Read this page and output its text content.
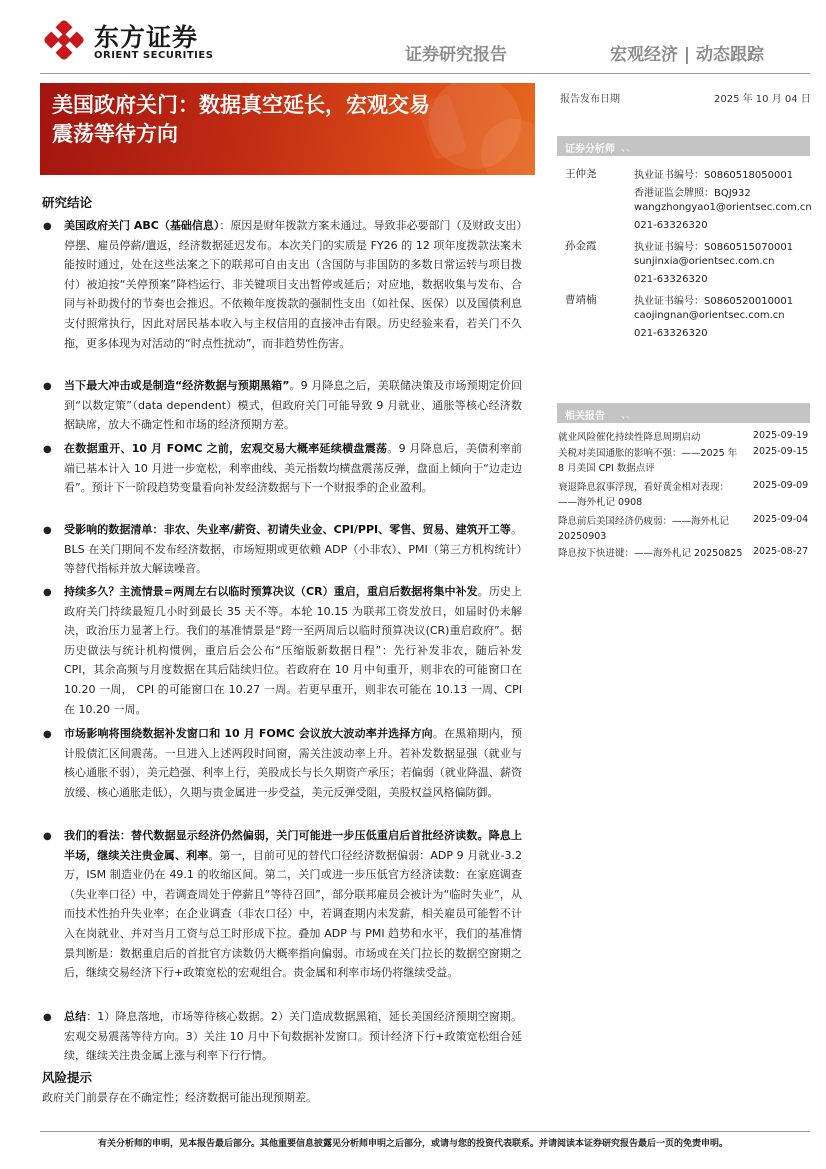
东方证券
ORIENT SECURITIES	证券研究报告	宏观经济 | 动态跟踪
美国政府关门：数据真空延长，宏观交易
震荡等待方向
报告发布日期	2025 年 10 月 04 日
证券分析师 、、
王仲尧	执业证书编号：S0860518050001
香港证监会牌照：BQJ932
wangzhongyao1@orientsec.com.cn
021-63326320
孙金霞	执业证书编号：S0860515070001
sunjinxia@orientsec.com.cn
021-63326320
曹靖楠	执业证书编号：S0860520010001
caojingnan@orientsec.com.cn
021-63326320
相关报告 、、
就业风险催化持续性降息周期启动	2025-09-19
关税对美国通胀的影响不强：——2025 年
8 月美国 CPI 数据点评
2025-09-15
衰退降息叙事浮现，看好黄金相对表现：
——海外札记 0908
2025-09-09
降息前后美国经济仍疲弱：——海外札记
20250903
2025-09-04
降息按下快进键：——海外札记 20250825	2025-08-27
研究结论
● 美国政府关门 ABC（基础信息）：原因是财年拨款方案未通过。导致非必要部门（及财政支出）停摆、雇员停薪/遣返，经济数据延迟发布。本次关门的实质是 FY26 的 12 项年度拨款法案未能按时通过，处在这些法案之下的联邦可自由支出（含国防与非国防的多数日常运转与项目拨付）被迫按“关停预案”降档运行、非关键项目支出暂停或延后；对应地，数据收集与发布、合同与补助拨付的节奏也会推迟。不依赖年度拨款的强制性支出（如社保、医保）以及国债利息支付照常执行，因此对居民基本收入与主权信用的直接冲击有限。历史经验来看，若关门不久拖，更多体现为对活动的“时点性扰动”，而非趋势性伤害。
● 当下最大冲击或是制造“经济数据与预期黑箱”。9 月降息之后，美联储决策及市场预期定价回到“以数定策”（data dependent）模式，但政府关门可能导致 9 月就业、通胀等核心经济数据缺席，放大不确定性和市场的经济预期方差。
● 在数据重开、10 月 FOMC 之前，宏观交易大概率延续横盘震荡。9 月降息后，美债利率前端已基本计入 10 月进一步宽松，利率曲线、美元指数均横盘震荡反弹，盘面上倾向于“边走边看”。预计下一阶段趋势变量看向补发经济数据与下一个财报季的企业盈利。
● 受影响的数据清单：非农、失业率/薪资、初请失业金、CPI/PPI、零售、贸易、建筑开工等。BLS 在关门期间不发布经济数据，市场短期或更依赖 ADP（小非农）、PMI（第三方机构统计）等替代指标并放大解读噪音。
● 持续多久？主流情景=两周左右以临时预算决议（CR）重启，重启后数据将集中补发。历史上政府关门持续最短几小时到最长 35 天不等。本轮 10.15 为联邦工资发放日，如届时仍未解决，政治压力显著上行。我们的基准情景是“跨一至两周后以临时预算决议(CR)重启政府”。据历史做法与统计机构惯例，重启后会公布“压缩版新数据日程”：先行补发非农，随后补发 CPI，其余高频与月度数据在其后陆续归位。若政府在 10 月中旬重开，则非农的可能窗口在 10.20 一周， CPI 的可能窗口在 10.27 一周。若更早重开，则非农可能在 10.13 一周、CPI 在 10.20 一周。
● 市场影响将围绕数据补发窗口和 10 月 FOMC 会议放大波动率并选择方向。在黑箱期内，预计股债汇区间震荡。一旦进入上述两段时间窗，需关注波动率上升。若补发数据显强（就业与核心通胀不弱），美元趋强、利率上行，美股成长与长久期资产承压；若偏弱（就业降温、薪资放缓、核心通胀走低），久期与贵金属进一步受益，美元反弹受阻，美股权益风格偏防御。
● 我们的看法：替代数据显示经济仍然偏弱，关门可能进一步压低重启后首批经济读数。降息上半场，继续关注贵金属、利率。第一，目前可见的替代口径经济数据偏弱：ADP 9 月就业-3.2 万，ISM 制造业仍在 49.1 的收缩区间。第二，关门或进一步压低官方经济读数：在家庭调查（失业率口径）中，若调查周处于停薪且“等待召回”，部分联邦雇员会被计为“临时失业”，从而技术性抬升失业率；在企业调查（非农口径）中，若调查期内未发薪，相关雇员可能暂不计入在岗就业、并对当月工资与总工时形成下拉。叠加 ADP 与 PMI 趋势和水平，我们的基准情景判断是：数据重启后的首批官方读数仍大概率指向偏弱。市场或在关门拉长的数据空窗期之后，继续交易经济下行+政策宽松的宏观组合。贵金属和利率市场仍将继续受益。
● 总结：1）降息落地，市场等待核心数据。2）关门造成数据黑箱，延长美国经济预期空窗期。宏观交易震荡等待方向。3）关注 10 月中下旬数据补发窗口。预计经济下行+政策宽松组合延续，继续关注贵金属上涨与利率下行行情。
风险提示
政府关门前景存在不确定性；经济数据可能出现预期差。
有关分析师的申明，见本报告最后部分。其他重要信息披露见分析师申明之后部分，或请与您的投资代表联系。并请阅读本证券研究报告最后一页的免责申明。
